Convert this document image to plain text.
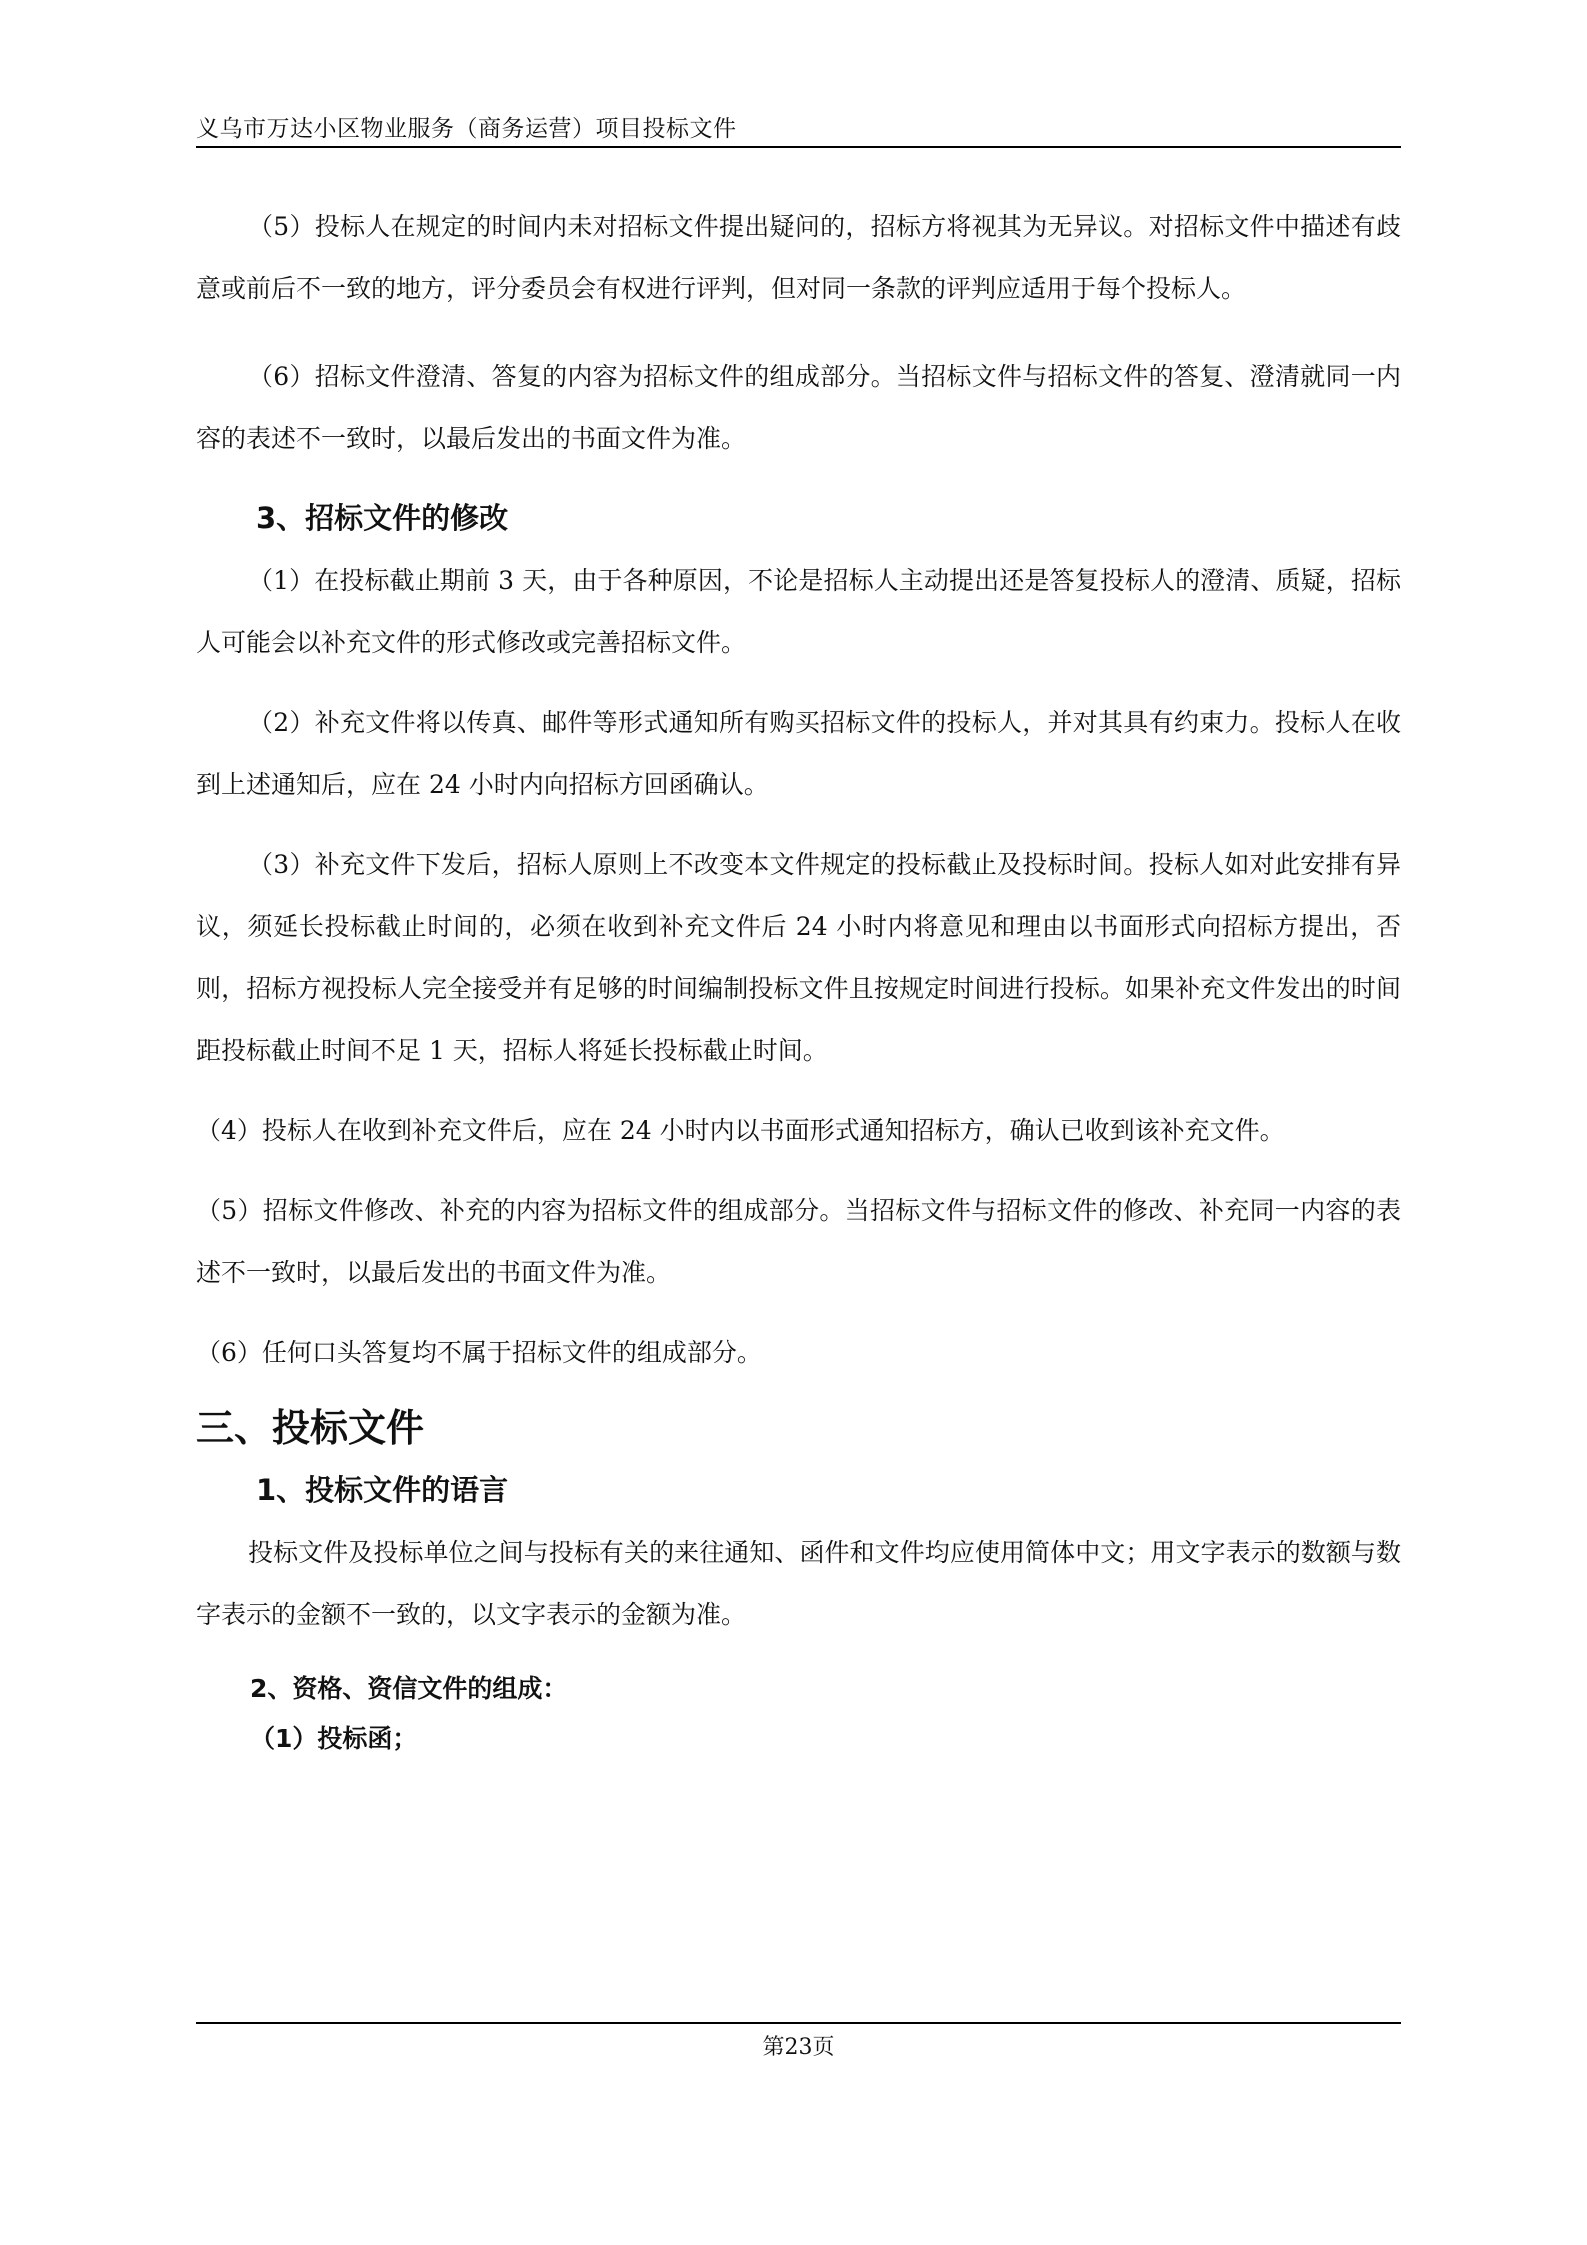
义乌市万达小区物业服务（商务运营）项目投标文件

（5）投标人在规定的时间内未对招标文件提出疑问的，招标方将视其为无异议。对招标文件中描述有歧意或前后不一致的地方，评分委员会有权进行评判，但对同一条款的评判应适用于每个投标人。

（6）招标文件澄清、答复的内容为招标文件的组成部分。当招标文件与招标文件的答复、澄清就同一内容的表述不一致时，以最后发出的书面文件为准。

3、招标文件的修改

（1）在投标截止期前 3 天，由于各种原因，不论是招标人主动提出还是答复投标人的澄清、质疑，招标人可能会以补充文件的形式修改或完善招标文件。

（2）补充文件将以传真、邮件等形式通知所有购买招标文件的投标人，并对其具有约束力。投标人在收到上述通知后，应在 24 小时内向招标方回函确认。

（3）补充文件下发后，招标人原则上不改变本文件规定的投标截止及投标时间。投标人如对此安排有异议，须延长投标截止时间的，必须在收到补充文件后 24 小时内将意见和理由以书面形式向招标方提出，否则，招标方视投标人完全接受并有足够的时间编制投标文件且按规定时间进行投标。如果补充文件发出的时间距投标截止时间不足 1 天，招标人将延长投标截止时间。

（4）投标人在收到补充文件后，应在 24 小时内以书面形式通知招标方，确认已收到该补充文件。

（5）招标文件修改、补充的内容为招标文件的组成部分。当招标文件与招标文件的修改、补充同一内容的表述不一致时，以最后发出的书面文件为准。

（6）任何口头答复均不属于招标文件的组成部分。

三、投标文件
1、投标文件的语言

投标文件及投标单位之间与投标有关的来往通知、函件和文件均应使用简体中文；用文字表示的数额与数字表示的金额不一致的，以文字表示的金额为准。

2、资格、资信文件的组成：
（1）投标函；
第23页
